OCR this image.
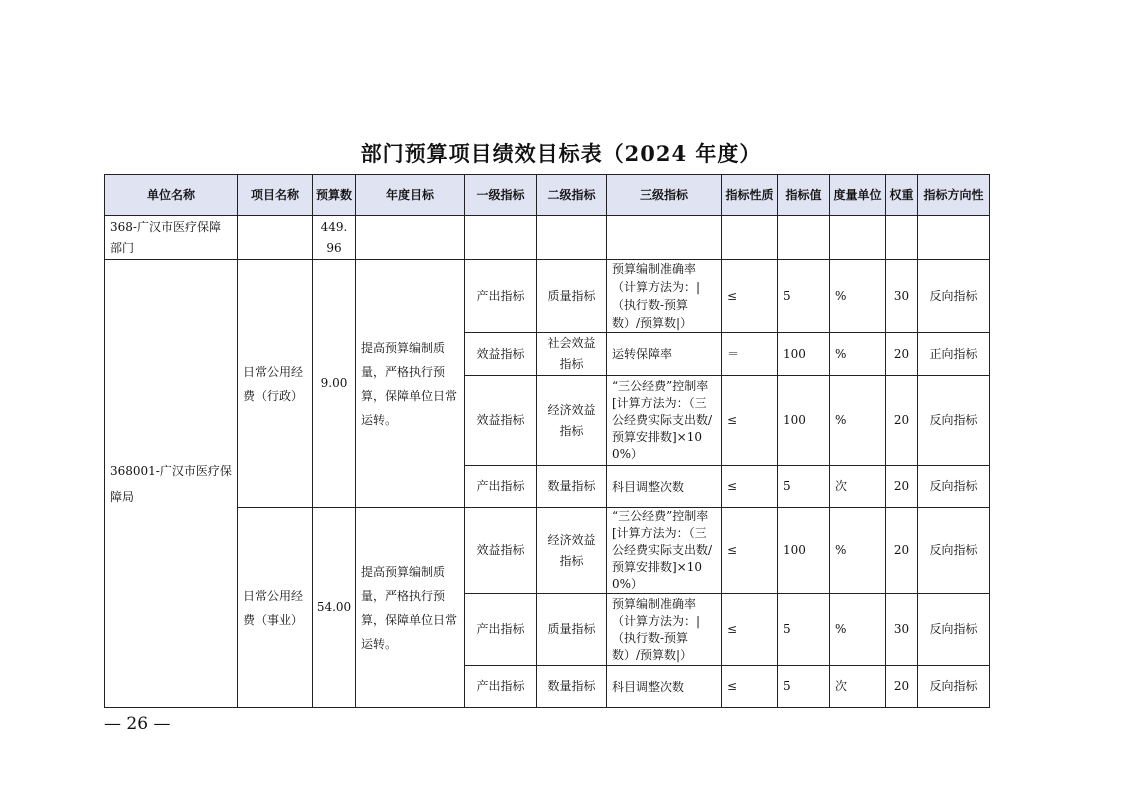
部门预算项目绩效目标表（2024 年度）
单位名称	项目名称	预算数	年度目标	一级指标	二级指标	三级指标	指标性质	指标值	度量单位	权重	指标方向性
368-广汉市医疗保障部门		449.96									
368001-广汉市医疗保障局	日常公用经费（行政）	9.00	提高预算编制质量，严格执行预算，保障单位日常运转。	产出指标	质量指标	预算编制准确率（计算方法为：|（执行数-预算数）/预算数|）	≤	5	%	30	反向指标
				效益指标	社会效益指标	运转保障率	＝	100	%	20	正向指标
				效益指标	经济效益指标	“三公经费”控制率[计算方法为：（三公经费实际支出数/预算安排数]×100%）	≤	100	%	20	反向指标
				产出指标	数量指标	科目调整次数	≤	5	次	20	反向指标
	日常公用经费（事业）	54.00	提高预算编制质量，严格执行预算，保障单位日常运转。	效益指标	经济效益指标	“三公经费”控制率[计算方法为：（三公经费实际支出数/预算安排数]×100%）	≤	100	%	20	反向指标
				产出指标	质量指标	预算编制准确率（计算方法为：|（执行数-预算数）/预算数|）	≤	5	%	30	反向指标
				产出指标	数量指标	科目调整次数	≤	5	次	20	反向指标
— 26 —
